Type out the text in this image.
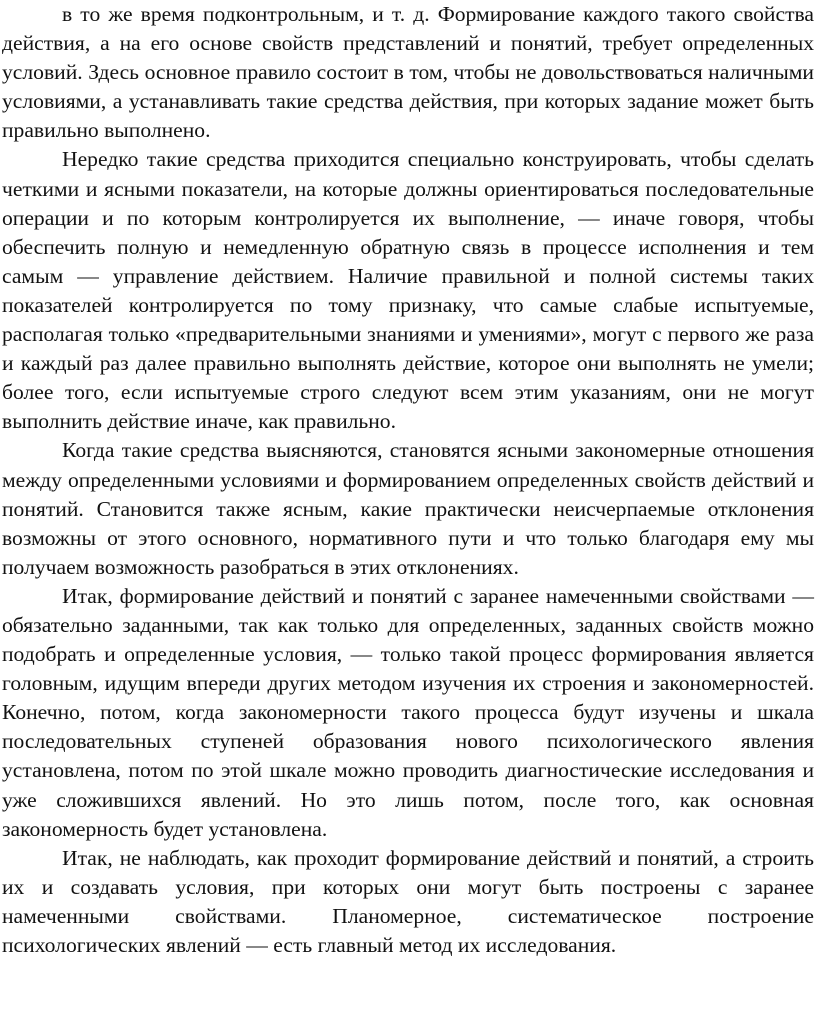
в то же время подконтрольным, и т. д. Формирование каждого такого свойства действия, а на его основе свойств представлений и понятий, требует определенных условий. Здесь основное правило состоит в том, чтобы не довольствоваться наличными условиями, а устанавливать такие средства действия, при которых задание может быть правильно выполнено.

Нередко такие средства приходится специально конструировать, чтобы сделать четкими и ясными показатели, на которые должны ориентироваться последовательные операции и по которым контролируется их выполнение, — иначе говоря, чтобы обеспечить полную и немедленную обратную связь в процессе исполнения и тем самым — управление действием. Наличие правильной и полной системы таких показателей контролируется по тому признаку, что самые слабые испытуемые, располагая только «предварительными знаниями и умениями», могут с первого же раза и каждый раз далее правильно выполнять действие, которое они выполнять не умели; более того, если испытуемые строго следуют всем этим указаниям, они не могут выполнить действие иначе, как правильно.

Когда такие средства выясняются, становятся ясными закономерные отношения между определенными условиями и формированием определенных свойств действий и понятий. Становится также ясным, какие практически неисчерпаемые отклонения возможны от этого основного, нормативного пути и что только благодаря ему мы получаем возможность разобраться в этих отклонениях.

Итак, формирование действий и понятий с заранее намеченными свойствами — обязательно заданными, так как только для определенных, заданных свойств можно подобрать и определенные условия, — только такой процесс формирования является головным, идущим впереди других методом изучения их строения и закономерностей. Конечно, потом, когда закономерности такого процесса будут изучены и шкала последовательных ступеней образования нового психологического явления установлена, потом по этой шкале можно проводить диагностические исследования и уже сложившихся явлений. Но это лишь потом, после того, как основная закономерность будет установлена.

Итак, не наблюдать, как проходит формирование действий и понятий, а строить их и создавать условия, при которых они могут быть построены с заранее намеченными свойствами. Планомерное, систематическое построение психологических явлений — есть главный метод их исследования.
